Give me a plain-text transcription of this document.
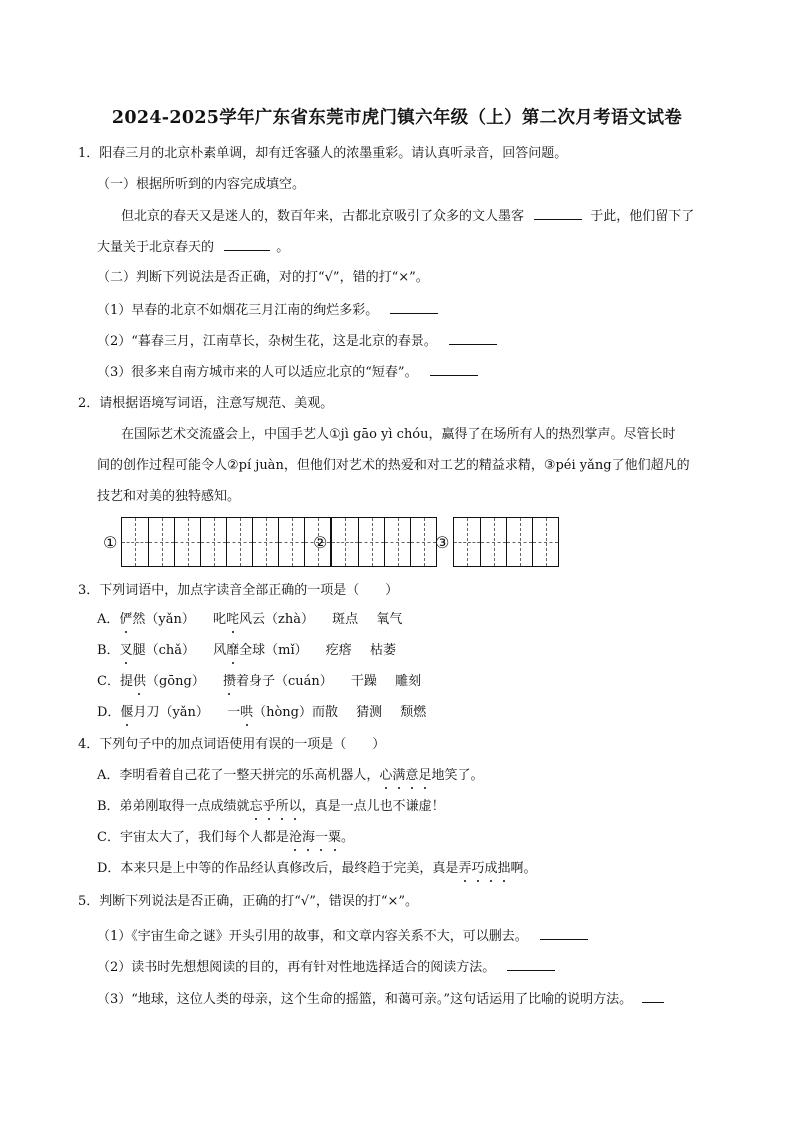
2024-2025学年广东省东莞市虎门镇六年级（上）第二次月考语文试卷
1．阳春三月的北京朴素单调，却有迁客骚人的浓墨重彩。请认真听录音，回答问题。
（一）根据所听到的内容完成填空。
但北京的春天又是迷人的，数百年来，古都北京吸引了众多的文人墨客	于此，他们留下了
大量关于北京春天的	。
（二）判断下列说法是否正确，对的打“√”，错的打“×”。
（1）早春的北京不如烟花三月江南的绚烂多彩。
（2）“暮春三月，江南草长，杂树生花，这是北京的春景。
（3）很多来自南方城市来的人可以适应北京的“短春”。
2．请根据语境写词语，注意写规范、美观。
在国际艺术交流盛会上，中国手艺人①jì gāo yì chóu，赢得了在场所有人的热烈掌声。尽管长时
间的创作过程可能令人②pí juàn，但他们对艺术的热爱和对工艺的精益求精，③péi yǎng了他们超凡的
技艺和对美的独特感知。
①	②	③
3．下列词语中，加点字读音全部正确的一项是（　　）
A．俨然（yǎn） 叱咤风云（zhà） 斑点 氧气
B．叉腿（chǎ） 风靡全球（mǐ） 疙瘩 枯萎
C．提供（gōng） 攒着身子（cuán） 干躁 雕刻
D．偃月刀（yǎn） 一哄（hòng）而散 猜测 颓燃
4．下列句子中的加点词语使用有误的一项是（　　）
A．李明看着自己花了一整天拼完的乐高机器人，心满意足地笑了。
B．弟弟刚取得一点成绩就忘乎所以，真是一点儿也不谦虚！
C．宇宙太大了，我们每个人都是沧海一粟。
D．本来只是上中等的作品经认真修改后，最终趋于完美，真是弄巧成拙啊。
5．判断下列说法是否正确，正确的打“√”，错误的打“×”。
（1）《宇宙生命之谜》开头引用的故事，和文章内容关系不大，可以删去。
（2）读书时先想想阅读的目的，再有针对性地选择适合的阅读方法。
（3）“地球，这位人类的母亲，这个生命的摇篮，和蔼可亲。”这句话运用了比喻的说明方法。
